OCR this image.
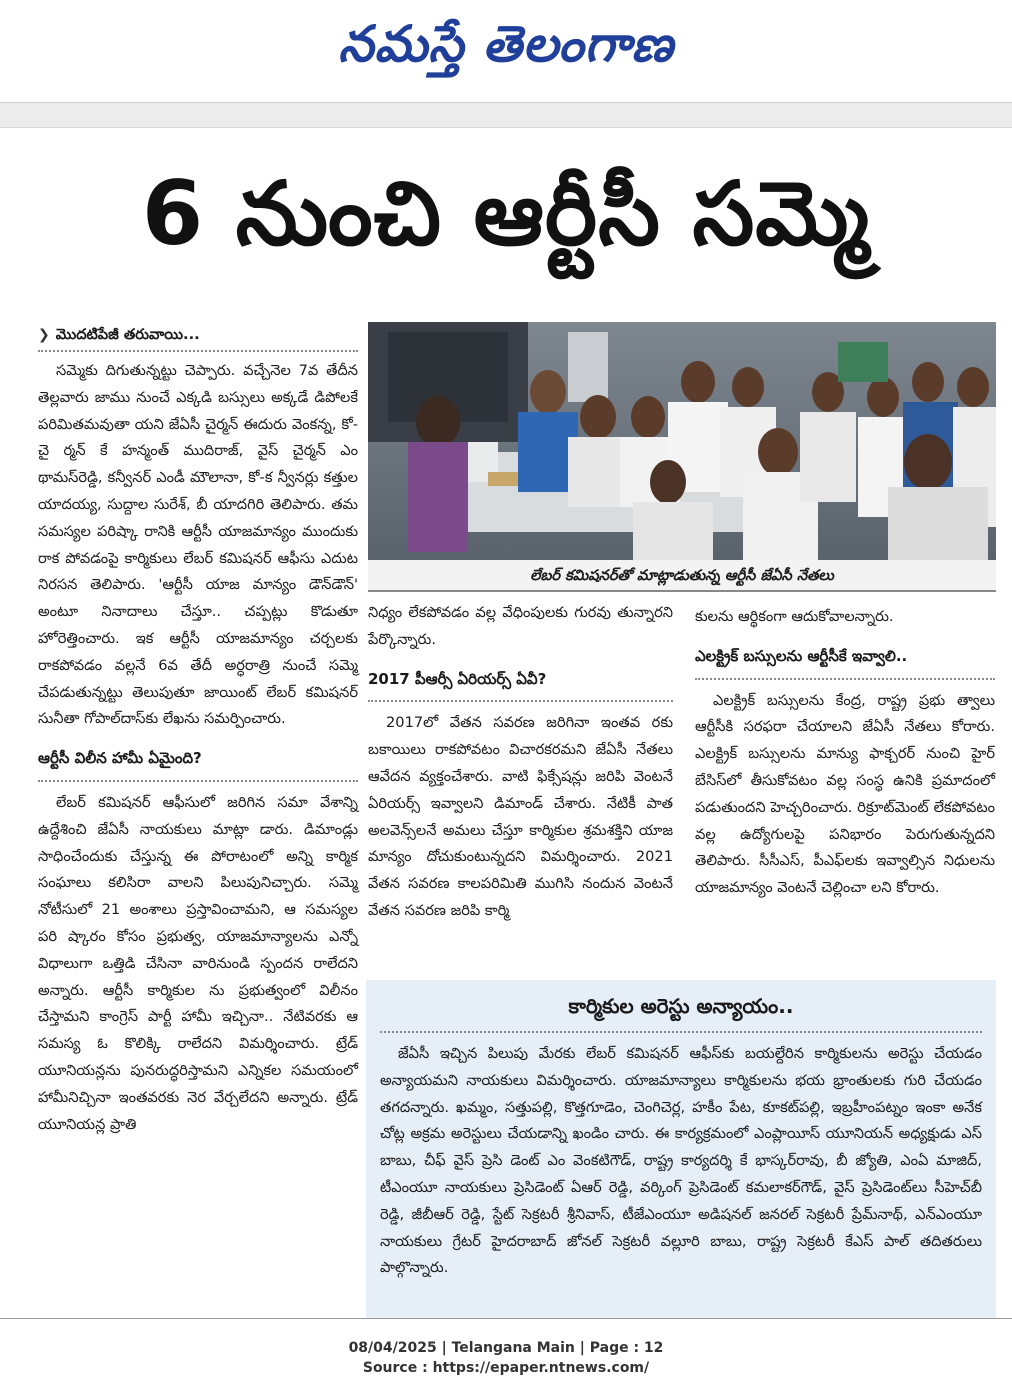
నమస్తే తెలంగాణ
6 నుంచి ఆర్టీసీ సమ్మె
❯ మొదటిపేజీ తరువాయి...

సమ్మెకు దిగుతున్నట్టు చెప్పారు. వచ్చేనెల 7వ తేదీన తెల్లవారు జాము నుంచే ఎక్కడి బస్సులు అక్కడే డిపోలకే పరిమితమవుతా యని జేఏసీ చైర్మన్ ఈదురు వెంకన్న, కో-చై ర్మన్ కే హన్మంత్ ముదిరాజ్, వైస్ చైర్మన్ ఎం థామస్‌రెడ్డి, కన్వీనర్ ఎండీ మౌలానా, కో-క న్వీనర్లు కత్తుల యాదయ్య, సుద్దాల సురేశ్, బీ యాదగిరి తెలిపారు. తమ సమస్యల పరిష్కా రానికి ఆర్టీసీ యాజమాన్యం ముందుకు రాక పోవడంపై కార్మికులు లేబర్ కమిషనర్ ఆఫీసు ఎదుట నిరసన తెలిపారు. 'ఆర్టీసీ యాజ మాన్యం డౌన్‌డౌన్' అంటూ నినాదాలు చేస్తూ.. చప్పట్లు కొడుతూ హోరెత్తించారు. ఇక ఆర్టీసీ యాజమాన్యం చర్చలకు రాకపోవడం వల్లనే 6వ తేదీ అర్ధరాత్రి నుంచే సమ్మె చేపడుతున్నట్టు తెలుపుతూ జాయింట్ లేబర్ కమిషనర్ సునీతా గోపాల్‌దాస్‌కు లేఖను సమర్పించారు.

ఆర్టీసీ విలీన హామీ ఏమైంది?

లేబర్ కమిషనర్ ఆఫీసులో జరిగిన సమా వేశాన్ని ఉద్దేశించి జేఏసీ నాయకులు మాట్లా డారు. డిమాండ్లు సాధించేందుకు చేస్తున్న ఈ పోరాటంలో అన్ని కార్మిక సంఘాలు కలిసిరా వాలని పిలుపునిచ్చారు. సమ్మె నోటీసులో 21 అంశాలు ప్రస్తావించామని, ఆ సమస్యల పరి ష్కారం కోసం ప్రభుత్వ, యాజమాన్యాలను ఎన్నో విధాలుగా ఒత్తిడి చేసినా వారినుండి స్పందన రాలేదని అన్నారు. ఆర్టీసీ కార్మికుల ను ప్రభుత్వంలో విలీనం చేస్తామని కాంగ్రెస్ పార్టీ హామీ ఇచ్చినా.. నేటివరకు ఆ సమస్య ఓ కొలిక్కి రాలేదని విమర్శించారు. ట్రేడ్ యూనియన్లను పునరుద్ధరిస్తామని ఎన్నికల సమయంలో హామీనిచ్చినా ఇంతవరకు నెర వేర్చలేదని అన్నారు. ట్రేడ్ యూనియన్ల ప్రాతి

లేబర్ కమిషనర్‌తో మాట్లాడుతున్న ఆర్టీసీ జేఏసీ నేతలు

నిధ్యం లేకపోవడం వల్ల వేధింపులకు గురవు తున్నారని పేర్కొన్నారు.

2017 పీఆర్సీ ఏరియర్స్ ఏవీ?

2017లో వేతన సవరణ జరిగినా ఇంతవ రకు బకాయిలు రాకపోవటం విచారకరమని జేఏసీ నేతలు ఆవేదన వ్యక్తంచేశారు. వాటి ఫిక్సేషన్లు జరిపి వెంటనే ఏరియర్స్ ఇవ్వాలని డిమాండ్ చేశారు. నేటికీ పాత అలవెన్స్‌లనే అమలు చేస్తూ కార్మికుల శ్రమశక్తిని యాజ మాన్యం దోచుకుంటున్నదని విమర్శించారు. 2021 వేతన సవరణ కాలపరిమితి ముగిసి నందున వెంటనే వేతన సవరణ జరిపి కార్మి

కులను ఆర్థికంగా ఆదుకోవాలన్నారు.

ఎలక్ట్రిక్ బస్సులను ఆర్టీసీకే ఇవ్వాలి..

ఎలక్ట్రిక్ బస్సులను కేంద్ర, రాష్ట్ర ప్రభు త్వాలు ఆర్టీసీకి సరఫరా చేయాలని జేఏసీ నేతలు కోరారు. ఎలక్ట్రిక్ బస్సులను మాన్యు ఫాక్చరర్ నుంచి హైర్ బేసిస్‌లో తీసుకోవటం వల్ల సంస్థ ఉనికి ప్రమాదంలో పడుతుందని హెచ్చరించారు. రిక్రూట్‌మెంట్ లేకపోవటం వల్ల ఉద్యోగులపై పనిభారం పెరుగుతున్నదని తెలిపారు. సీసీఎస్, పీఎఫ్‌లకు ఇవ్వాల్సిన నిధులను యాజమాన్యం వెంటనే చెల్లించా లని కోరారు.

కార్మికుల అరెస్టు అన్యాయం..

జేఏసీ ఇచ్చిన పిలుపు మేరకు లేబర్ కమిషనర్ ఆఫీస్‌కు బయల్దేరిన కార్మికులను అరెస్టు చేయడం అన్యాయమని నాయకులు విమర్శించారు. యాజమాన్యాలు కార్మికులను భయ భ్రాంతులకు గురి చేయడం తగదన్నారు. ఖమ్మం, సత్తుపల్లి, కొత్తగూడెం, చెంగిచెర్ల, హకీం పేట, కూకట్‌పల్లి, ఇబ్రహీంపట్నం ఇంకా అనేక చోట్ల అక్రమ అరెస్టులు చేయడాన్ని ఖండిం చారు. ఈ కార్యక్రమంలో ఎంప్లాయీస్ యూనియన్ అధ్యక్షుడు ఎస్ బాబు, చీఫ్ వైస్ ప్రెసి డెంట్ ఎం వెంకటిగౌడ్, రాష్ట్ర కార్యదర్శి కే భాస్కర్‌రావు, బీ జ్యోతి, ఎంఏ మాజిద్, టీఎంయూ నాయకులు ప్రెసిడెంట్ ఏఆర్ రెడ్డి, వర్కింగ్ ప్రెసిడెంట్ కమలాకర్‌గౌడ్, వైస్ ప్రెసిడెంట్‌లు సీహెచ్‌బీ రెడ్డి, జీబీఆర్ రెడ్డి, స్టేట్ సెక్రటరీ శ్రీనివాస్, టీజేఎంయూ అడిషనల్ జనరల్ సెక్రటరీ ప్రేమ్‌నాథ్, ఎన్ఎంయూ నాయకులు గ్రేటర్ హైదరాబాద్ జోనల్ సెక్రటరీ వల్లూరి బాబు, రాష్ట్ర సెక్రటరీ కేఎస్ పాల్ తదితరులు పాల్గొన్నారు.

08/04/2025 | Telangana Main | Page : 12
Source : https://epaper.ntnews.com/
